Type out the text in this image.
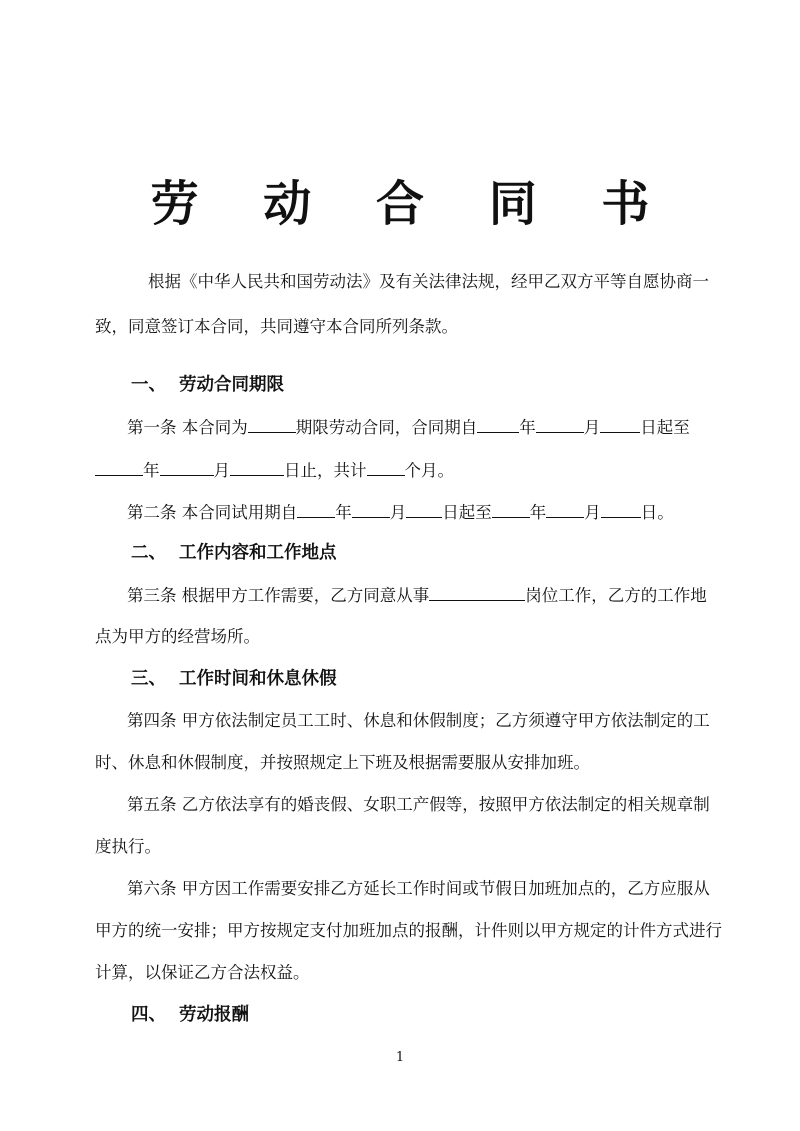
劳 动 合 同 书
根据《中华人民共和国劳动法》及有关法律法规，经甲乙双方平等自愿协商一
致，同意签订本合同，共同遵守本合同所列条款。
一、 劳动合同期限
第一条 本合同为	期限劳动合同，合同期自	年	月 日起至
年	月	日止，共计 个月。
第二条 本合同试用期自 年 月 日起至 年 月 日。
二、 工作内容和工作地点
第三条 根据甲方工作需要，乙方同意从事	岗位工作，乙方的工作地
点为甲方的经营场所。
三、 工作时间和休息休假
第四条 甲方依法制定员工工时、休息和休假制度；乙方须遵守甲方依法制定的工
时、休息和休假制度，并按照规定上下班及根据需要服从安排加班。
第五条 乙方依法享有的婚丧假、女职工产假等，按照甲方依法制定的相关规章制
度执行。
第六条 甲方因工作需要安排乙方延长工作时间或节假日加班加点的，乙方应服从
甲方的统一安排；甲方按规定支付加班加点的报酬，计件则以甲方规定的计件方式进行
计算，以保证乙方合法权益。
四、 劳动报酬
1
